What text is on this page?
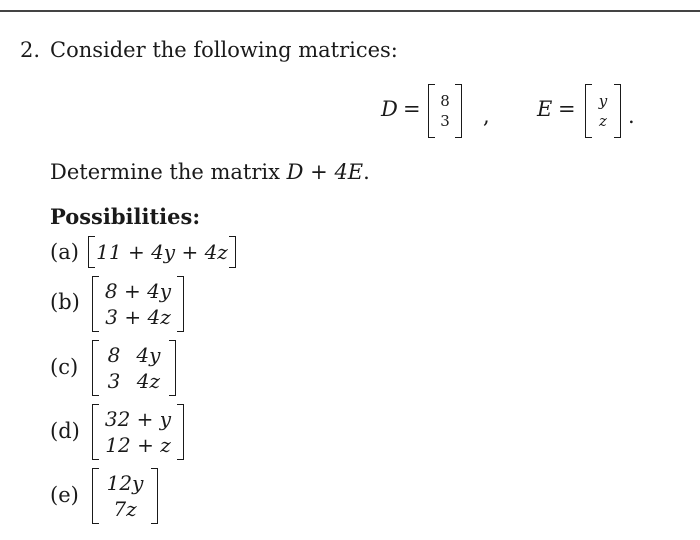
2. Consider the following matrices:
D = 8
3 , E = y
z .
Determine the matrix D + 4E.
Possibilities:
(a) 11 + 4y + 4z
(b) 8 + 4y
3 + 4z
(c) 8 4y
3 4z
(d) 32 + y
12 + z
(e) 12y
7z
